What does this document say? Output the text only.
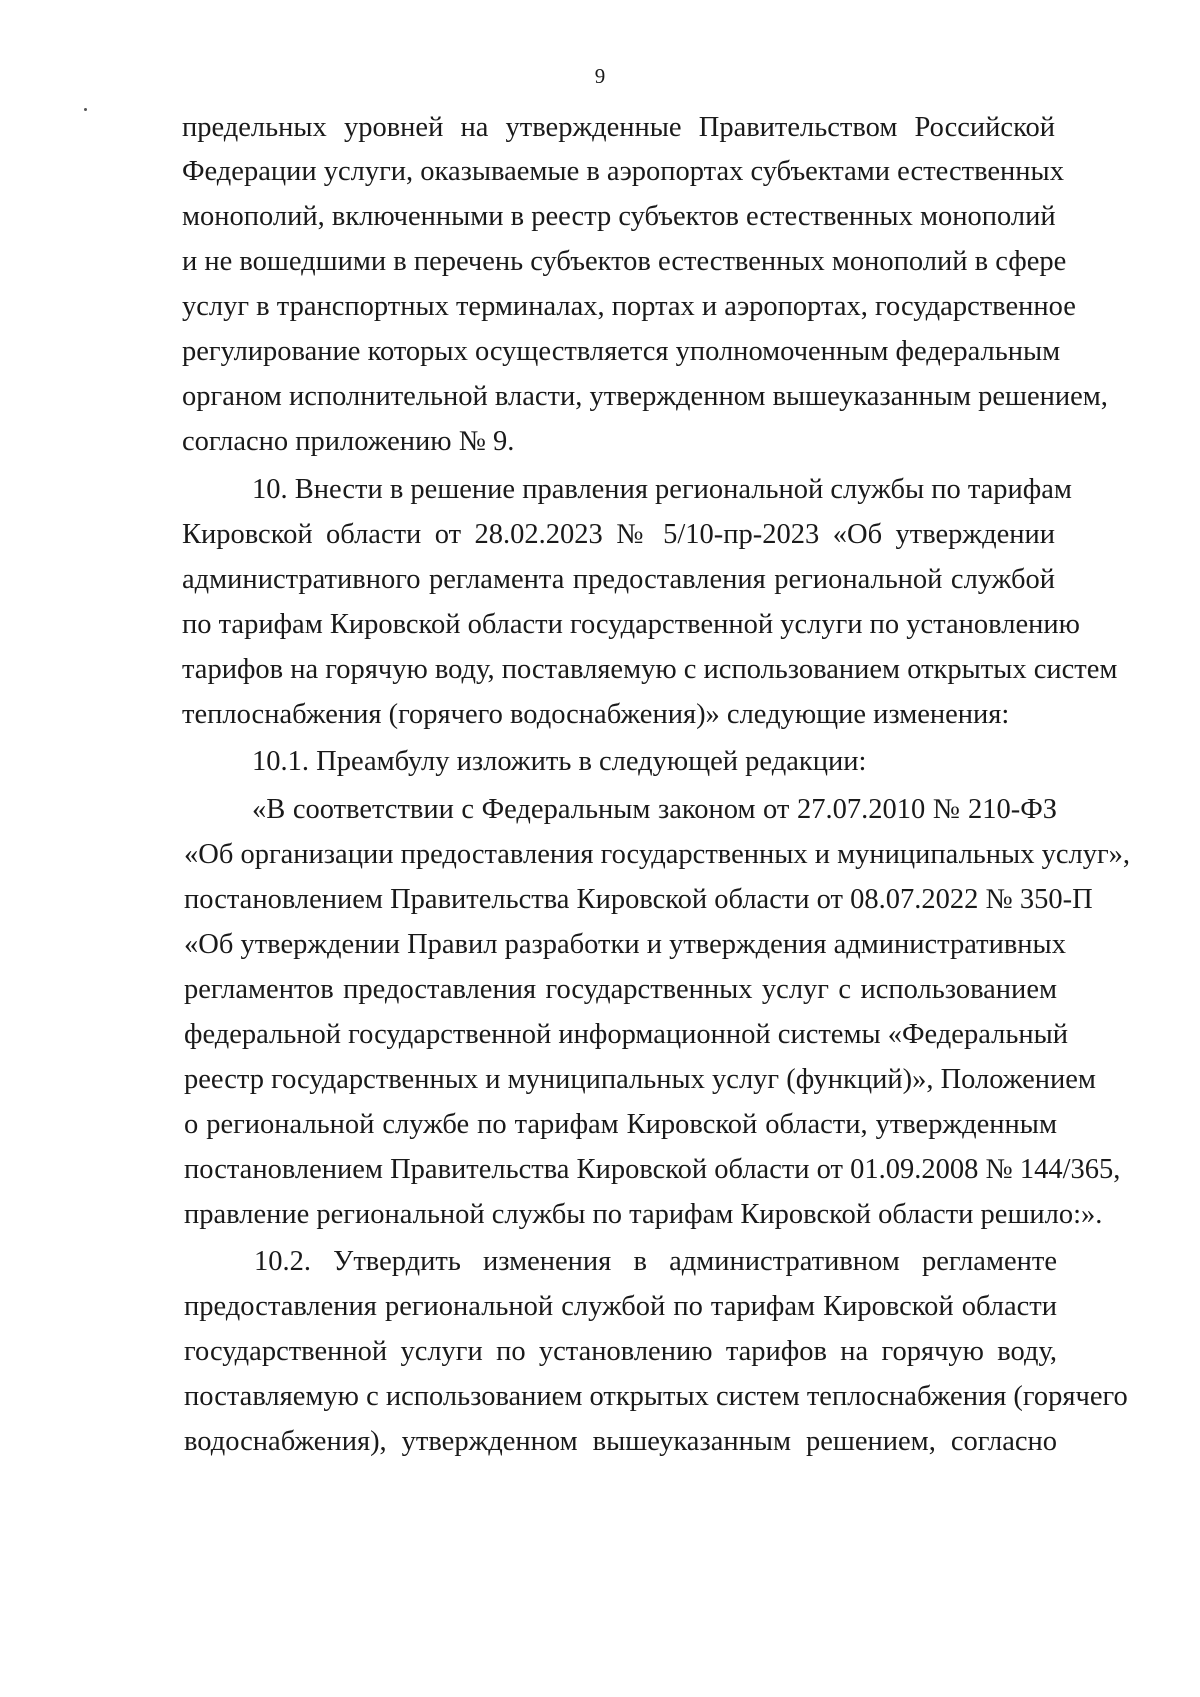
9
предельных уровней на утвержденные Правительством Российской
Федерации услуги, оказываемые в аэропортах субъектами естественных
монополий, включенными в реестр субъектов естественных монополий
и не вошедшими в перечень субъектов естественных монополий в сфере
услуг в транспортных терминалах, портах и аэропортах, государственное
регулирование которых осуществляется уполномоченным федеральным
органом исполнительной власти, утвержденном вышеуказанным решением,
согласно приложению № 9.
10. Внести в решение правления региональной службы по тарифам
Кировской области от 28.02.2023 № 5/10-пр-2023 «Об утверждении
административного регламента предоставления региональной службой
по тарифам Кировской области государственной услуги по установлению
тарифов на горячую воду, поставляемую с использованием открытых систем
теплоснабжения (горячего водоснабжения)» следующие изменения:
10.1. Преамбулу изложить в следующей редакции:
«В соответствии с Федеральным законом от 27.07.2010 № 210-ФЗ
«Об организации предоставления государственных и муниципальных услуг»,
постановлением Правительства Кировской области от 08.07.2022 № 350-П
«Об утверждении Правил разработки и утверждения административных
регламентов предоставления государственных услуг с использованием
федеральной государственной информационной системы «Федеральный
реестр государственных и муниципальных услуг (функций)», Положением
о региональной службе по тарифам Кировской области, утвержденным
постановлением Правительства Кировской области от 01.09.2008 № 144/365,
правление региональной службы по тарифам Кировской области решило:».
10.2. Утвердить изменения в административном регламенте
предоставления региональной службой по тарифам Кировской области
государственной услуги по установлению тарифов на горячую воду,
поставляемую с использованием открытых систем теплоснабжения (горячего
водоснабжения), утвержденном вышеуказанным решением, согласно
